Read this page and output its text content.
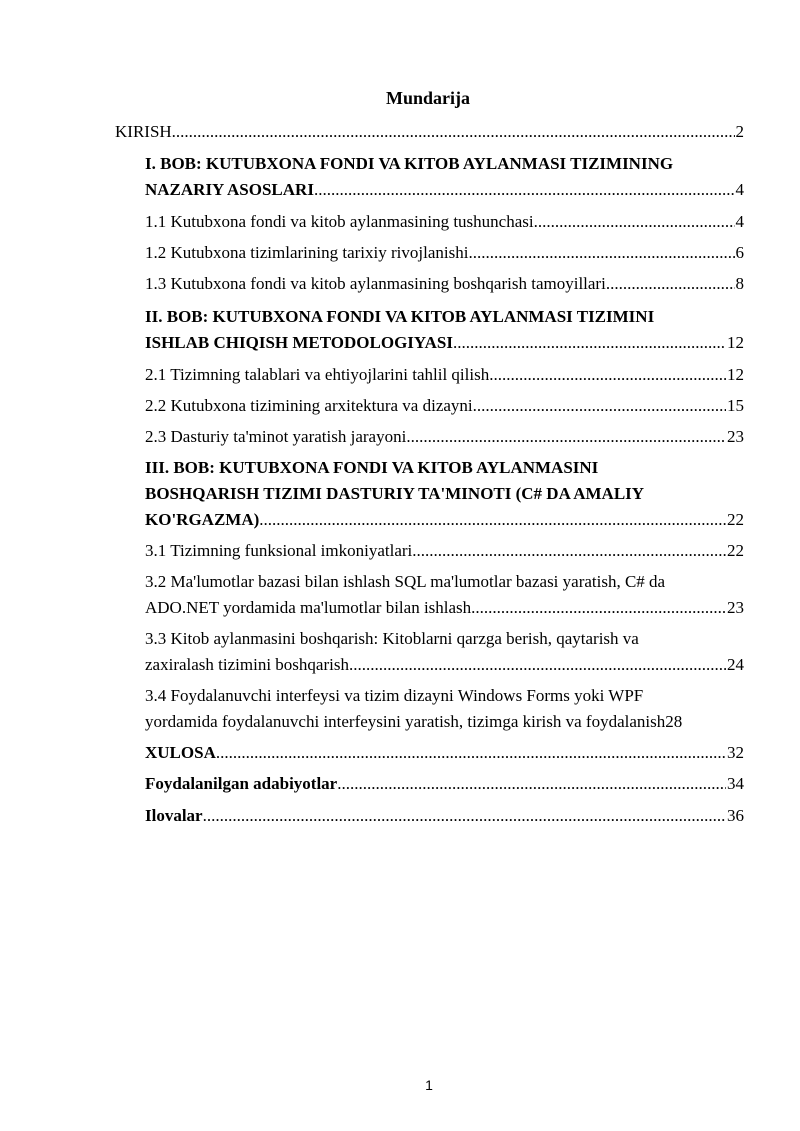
Mundarija
KIRISH .....	2
I. BOB: KUTUBXONA FONDI VA KITOB AYLANMASI TIZIMINING
NAZARIY ASOSLARI .....	4
1.1 Kutubxona fondi va kitob aylanmasining tushunchasi .....	4
1.2 Kutubxona tizimlarining tarixiy rivojlanishi .....	6
1.3 Kutubxona fondi va kitob aylanmasining boshqarish tamoyillari .....	8
II. BOB: KUTUBXONA FONDI VA KITOB AYLANMASI TIZIMINI
ISHLAB CHIQISH METODOLOGIYASI .....	12
2.1 Tizimning talablari va ehtiyojlarini tahlil qilish .....	12
2.2 Kutubxona tizimining arxitektura va dizayni .....	15
2.3 Dasturiy ta'minot yaratish jarayoni .....	23
III. BOB: KUTUBXONA FONDI VA KITOB AYLANMASINI
BOSHQARISH TIZIMI DASTURIY TA'MINOTI (C# DA AMALIY
KO'RGAZMA) .....	22
3.1 Tizimning funksional imkoniyatlari .....	22
3.2 Ma'lumotlar bazasi bilan ishlash SQL ma'lumotlar bazasi yaratish, C# da
ADO.NET yordamida ma'lumotlar bilan ishlash .....	23
3.3 Kitob aylanmasini boshqarish: Kitoblarni qarzga berish, qaytarish va
zaxiralash tizimini boshqarish .....	24
3.4 Foydalanuvchi interfeysi va tizim dizayni Windows Forms yoki WPF
yordamida foydalanuvchi interfeysini yaratish, tizimga kirish va foydalanish 28
XULOSA .....	32
Foydalanilgan adabiyotlar .....	34
Ilovalar .....	36
1
